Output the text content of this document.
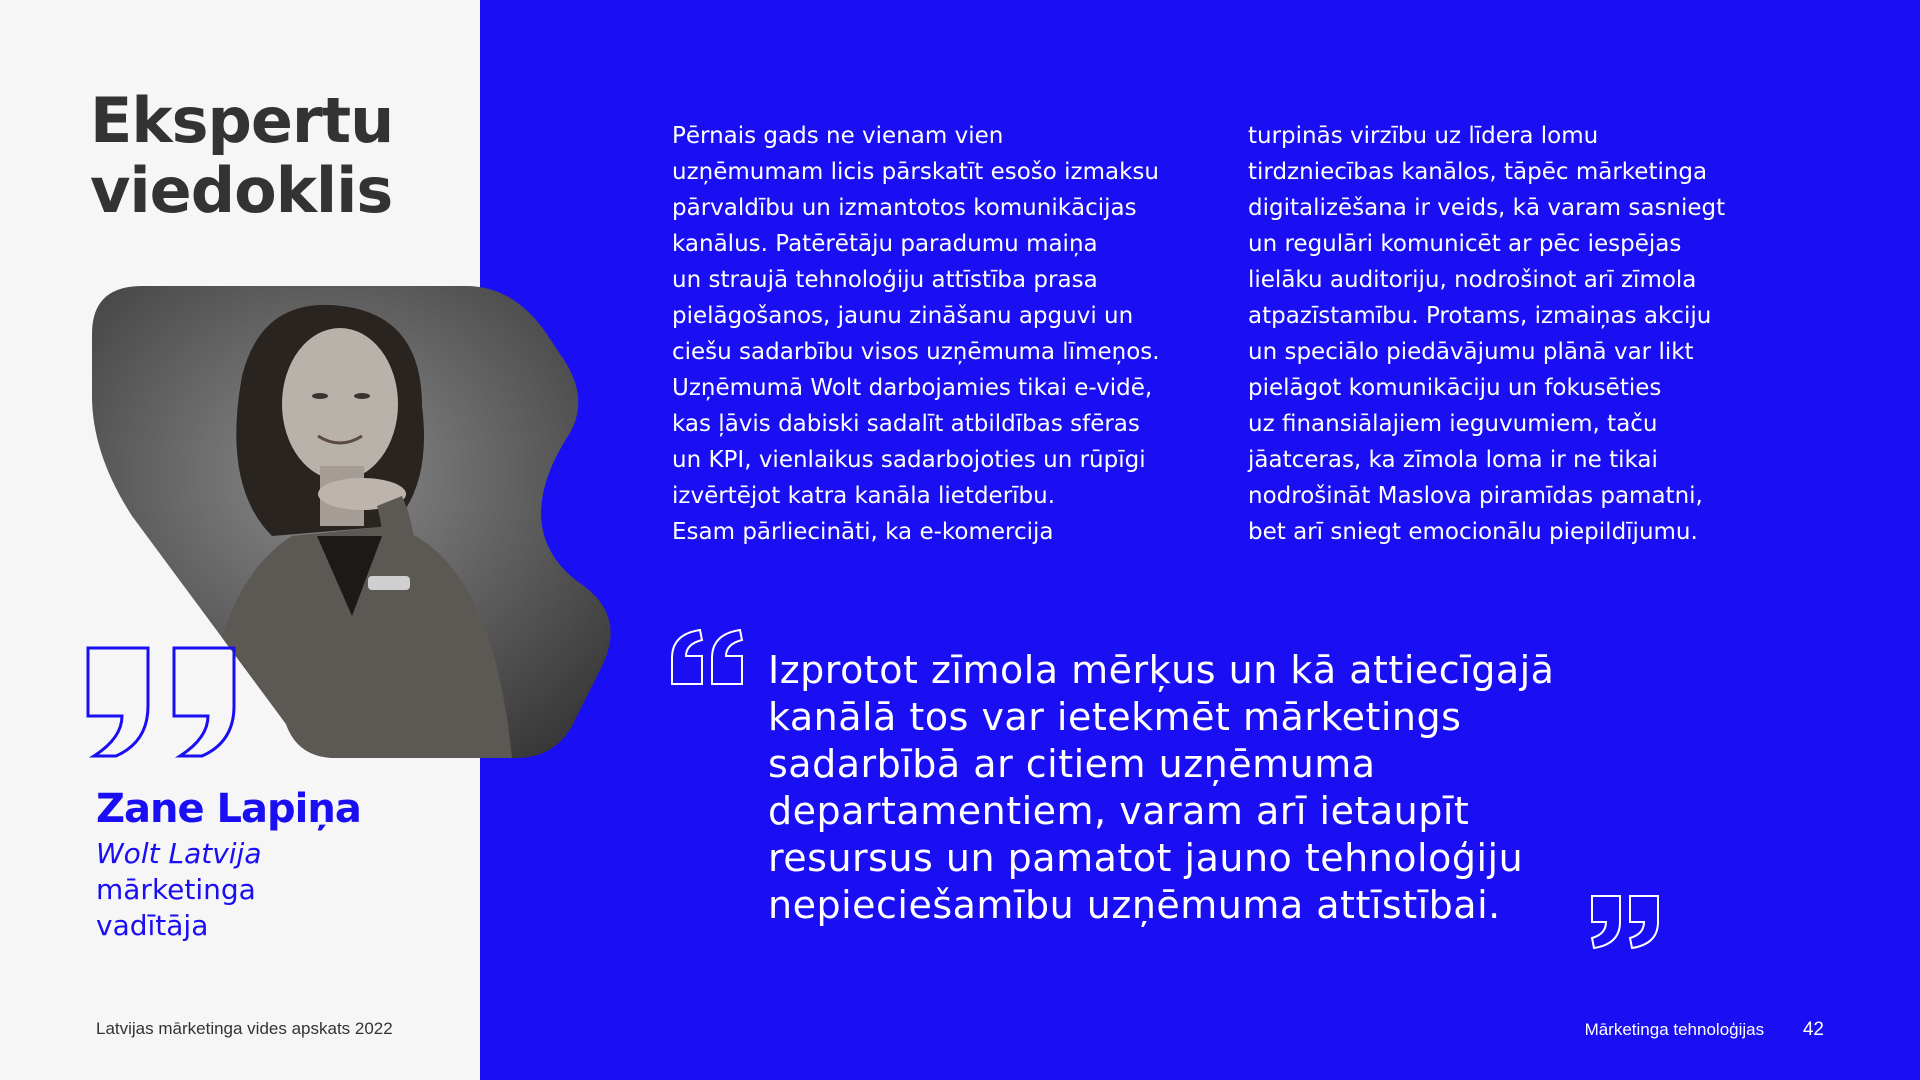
Ekspertu
viedoklis
Zane Lapiņa
Wolt Latvija
mārketinga
vadītāja
Latvijas mārketinga vides apskats 2022
Pērnais gads ne vienam vien
uzņēmumam licis pārskatīt esošo izmaksu
pārvaldību un izmantotos komunikācijas
kanālus. Patērētāju paradumu maiņa
un straujā tehnoloģiju attīstība prasa
pielāgošanos, jaunu zināšanu apguvi un
ciešu sadarbību visos uzņēmuma līmeņos.
Uzņēmumā Wolt darbojamies tikai e-vidē,
kas ļāvis dabiski sadalīt atbildības sfēras
un KPI, vienlaikus sadarbojoties un rūpīgi
izvērtējot katra kanāla lietderību.
Esam pārliecināti, ka e-komercija
turpinās virzību uz līdera lomu
tirdzniecības kanālos, tāpēc mārketinga
digitalizēšana ir veids, kā varam sasniegt
un regulāri komunicēt ar pēc iespējas
lielāku auditoriju, nodrošinot arī zīmola
atpazīstamību. Protams, izmaiņas akciju
un speciālo piedāvājumu plānā var likt
pielāgot komunikāciju un fokusēties
uz finansiālajiem ieguvumiem, taču
jāatceras, ka zīmola loma ir ne tikai
nodrošināt Maslova piramīdas pamatni,
bet arī sniegt emocionālu piepildījumu.
Izprotot zīmola mērķus un kā attiecīgajā
kanālā tos var ietekmēt mārketings
sadarbībā ar citiem uzņēmuma
departamentiem, varam arī ietaupīt
resursus un pamatot jauno tehnoloģiju
nepieciešamību uzņēmuma attīstībai.
Mārketinga tehnoloģijas 42
